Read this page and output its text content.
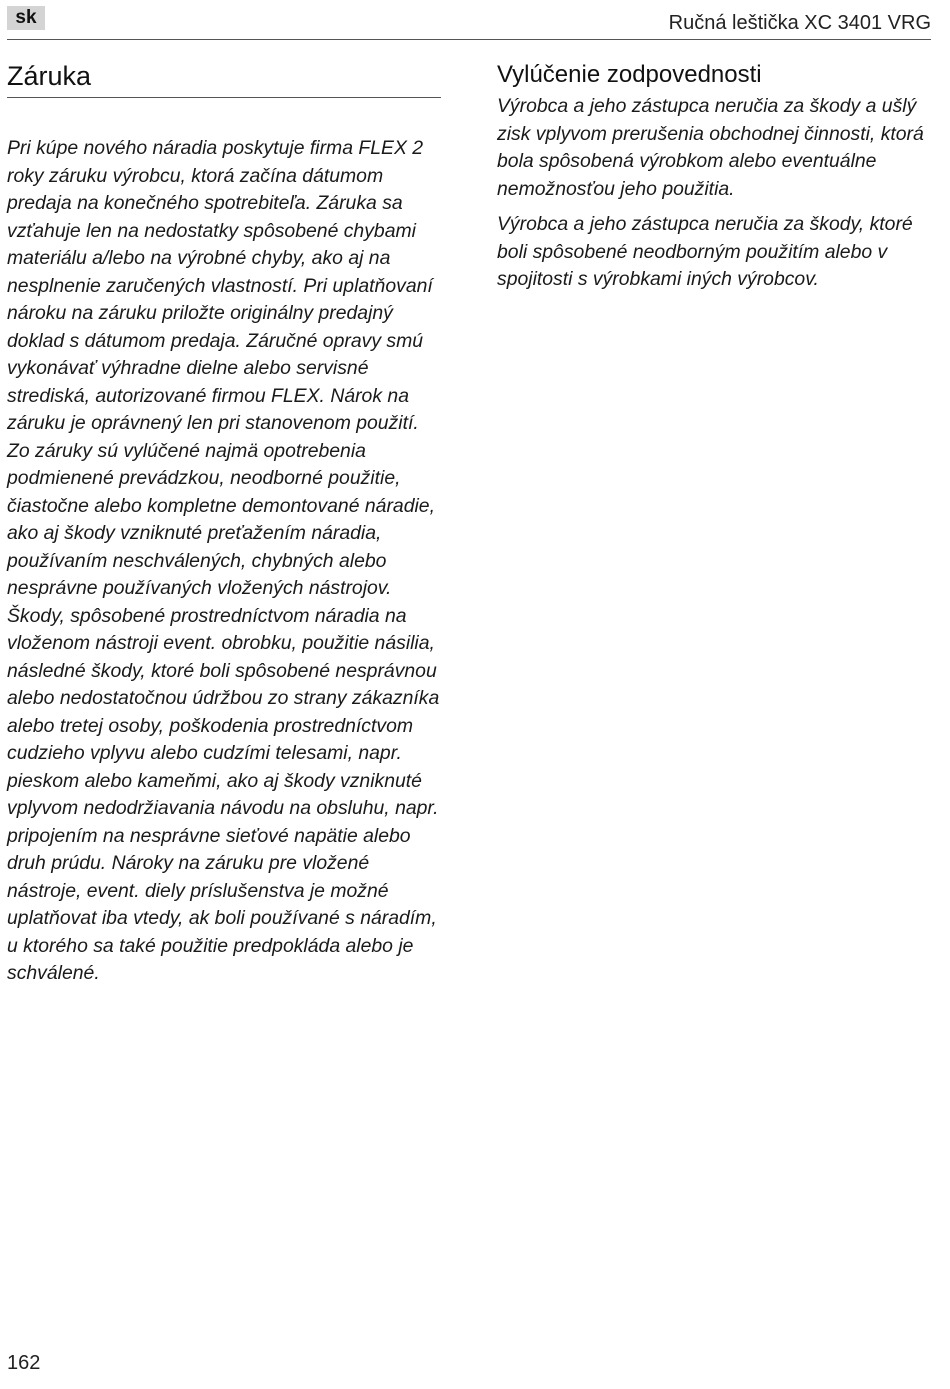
sk	Ručná leštička XC 3401 VRG
Záruka

Pri kúpe nového náradia poskytuje firma FLEX 2 roky záruku výrobcu, ktorá začína dátumom predaja na konečného spotrebiteľa. Záruka sa vzťahuje len na nedostatky spôsobené chybami materiálu a/lebo na výrobné chyby, ako aj na nesplnenie zaručených vlastností. Pri uplatňovaní nároku na záruku priložte originálny predajný doklad s dátumom predaja. Záručné opravy smú vykonávať výhradne dielne alebo servisné strediská, autorizované firmou FLEX. Nárok na záruku je oprávnený len pri stanovenom použití. Zo záruky sú vylúčené najmä opotrebenia podmienené prevádzkou, neodborné použitie, čiastočne alebo kompletne demontované náradie, ako aj škody vzniknuté preťažením náradia, používaním neschválených, chybných alebo nesprávne používaných vložených nástrojov. Škody, spôsobené prostredníctvom náradia na vloženom nástroji event. obrobku, použitie násilia, následné škody, ktoré boli spôsobené nesprávnou alebo nedostatočnou údržbou zo strany zákazníka alebo tretej osoby, poškodenia prostredníctvom cudzieho vplyvu alebo cudzími telesami, napr. pieskom alebo kameňmi, ako aj škody vzniknuté vplyvom nedodržiavania návodu na obsluhu, napr. pripojením na nesprávne sieťové napätie alebo druh prúdu. Nároky na záruku pre vložené nástroje, event. diely príslušenstva je možné uplatňovat iba vtedy, ak boli používané s náradím, u ktorého sa také použitie predpokláda alebo je schválené.

Vylúčenie zodpovednosti

Výrobca a jeho zástupca neručia za škody a ušlý zisk vplyvom prerušenia obchodnej činnosti, ktorá bola spôsobená výrobkom alebo eventuálne nemožnosťou jeho použitia.

Výrobca a jeho zástupca neručia za škody, ktoré boli spôsobené neodborným použitím alebo v spojitosti s výrobkami iných výrobcov.

162
